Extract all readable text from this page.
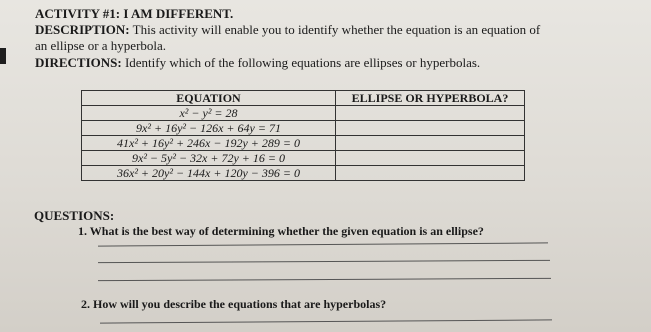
ACTIVITY #1: I AM DIFFERENT.
DESCRIPTION: This activity will enable you to identify whether the equation is an equation of
an ellipse or a hyperbola.
DIRECTIONS: Identify which of the following equations are ellipses or hyperbolas.
EQUATION	ELLIPSE OR HYPERBOLA?
x² − y² = 28	
9x² + 16y² − 126x + 64y = 71	
41x² + 16y² + 246x − 192y + 289 = 0	
9x² − 5y² − 32x + 72y + 16 = 0	
36x² + 20y² − 144x + 120y − 396 = 0	
QUESTIONS:
1. What is the best way of determining whether the given equation is an ellipse?
2. How will you describe the equations that are hyperbolas?
